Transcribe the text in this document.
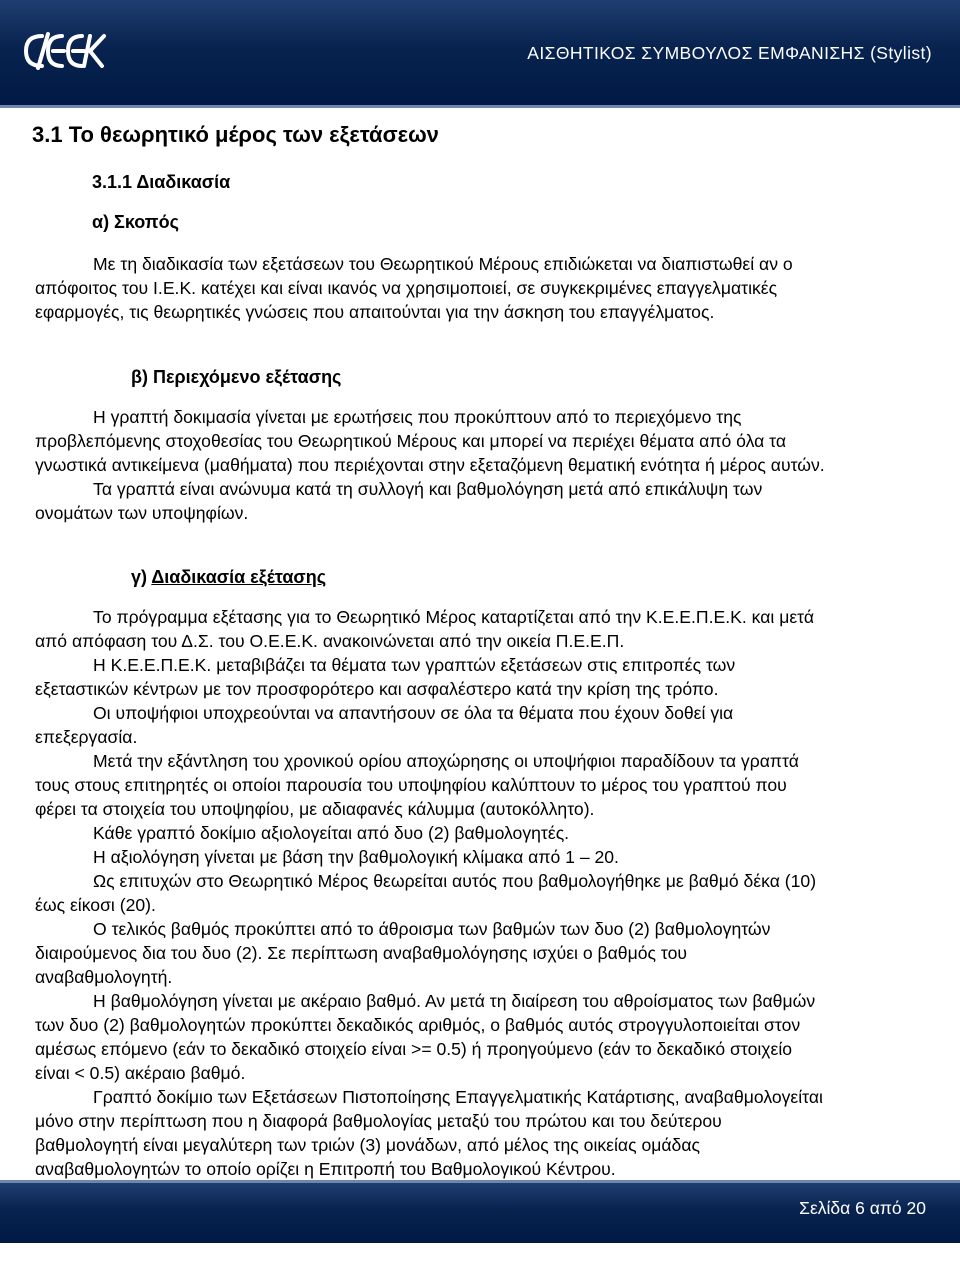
ΑΙΣΘΗΤΙΚΟΣ ΣΥΜΒΟΥΛΟΣ ΕΜΦΑΝΙΣΗΣ (Stylist)
3.1 Το θεωρητικό μέρος των εξετάσεων
3.1.1 Διαδικασία
α) Σκοπός
Με τη διαδικασία των εξετάσεων του Θεωρητικού Μέρους επιδιώκεται να διαπιστωθεί αν ο
απόφοιτος του Ι.Ε.Κ. κατέχει και είναι ικανός να χρησιμοποιεί, σε συγκεκριμένες επαγγελματικές
εφαρμογές, τις θεωρητικές γνώσεις που απαιτούνται για την άσκηση του επαγγέλματος.
β) Περιεχόμενο εξέτασης
Η γραπτή δοκιμασία γίνεται με ερωτήσεις που προκύπτουν από το περιεχόμενο της
προβλεπόμενης στοχοθεσίας του Θεωρητικού Μέρους και μπορεί να περιέχει θέματα από όλα τα
γνωστικά αντικείμενα (μαθήματα) που περιέχονται στην εξεταζόμενη θεματική ενότητα ή μέρος αυτών.
Τα γραπτά είναι ανώνυμα κατά τη συλλογή και βαθμολόγηση μετά από επικάλυψη των
ονομάτων των υποψηφίων.
γ) Διαδικασία εξέτασης
Το πρόγραμμα εξέτασης για το Θεωρητικό Μέρος καταρτίζεται από την Κ.Ε.Ε.Π.Ε.Κ. και μετά
από απόφαση του Δ.Σ. του Ο.Ε.Ε.Κ. ανακοινώνεται από την οικεία Π.Ε.Ε.Π.
Η Κ.Ε.Ε.Π.Ε.Κ. μεταβιβάζει τα θέματα των γραπτών εξετάσεων στις επιτροπές των
εξεταστικών κέντρων με τον προσφορότερο και ασφαλέστερο κατά την κρίση της τρόπο.
Οι υποψήφιοι υποχρεούνται να απαντήσουν σε όλα τα θέματα που έχουν δοθεί για
επεξεργασία.
Μετά την εξάντληση του χρονικού ορίου αποχώρησης οι υποψήφιοι παραδίδουν τα γραπτά
τους στους επιτηρητές οι οποίοι παρουσία του υποψηφίου καλύπτουν το μέρος του γραπτού που
φέρει τα στοιχεία του υποψηφίου, με αδιαφανές κάλυμμα (αυτοκόλλητο).
Κάθε γραπτό δοκίμιο αξιολογείται από δυο (2) βαθμολογητές.
Η αξιολόγηση γίνεται με βάση την βαθμολογική κλίμακα από 1 – 20.
Ως επιτυχών στο Θεωρητικό Μέρος θεωρείται αυτός που βαθμολογήθηκε με βαθμό δέκα (10)
έως είκοσι (20).
Ο τελικός βαθμός προκύπτει από το άθροισμα των βαθμών των δυο (2) βαθμολογητών
διαιρούμενος δια του δυο (2). Σε περίπτωση αναβαθμολόγησης ισχύει ο βαθμός του
αναβαθμολογητή.
Η βαθμολόγηση γίνεται με ακέραιο βαθμό. Αν μετά τη διαίρεση του αθροίσματος των βαθμών
των δυο (2) βαθμολογητών προκύπτει δεκαδικός αριθμός, ο βαθμός αυτός στρογγυλοποιείται στον
αμέσως επόμενο (εάν το δεκαδικό στοιχείο είναι >= 0.5) ή προηγούμενο (εάν το δεκαδικό στοιχείο
είναι < 0.5) ακέραιο βαθμό.
Γραπτό δοκίμιο των Εξετάσεων Πιστοποίησης Επαγγελματικής Κατάρτισης, αναβαθμολογείται
μόνο στην περίπτωση που η διαφορά βαθμολογίας μεταξύ του πρώτου και του δεύτερου
βαθμολογητή είναι μεγαλύτερη των τριών (3) μονάδων, από μέλος της οικείας ομάδας
αναβαθμολογητών το οποίο ορίζει η Επιτροπή του Βαθμολογικού Κέντρου.
Σελίδα 6 από 20
